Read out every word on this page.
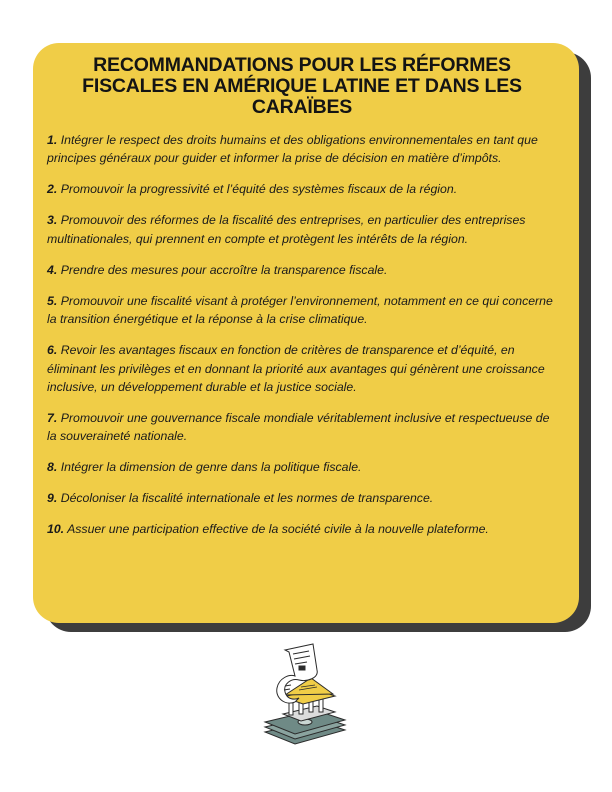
RECOMMANDATIONS POUR LES RÉFORMES FISCALES EN AMÉRIQUE LATINE ET DANS LES CARAÏBES
1. Intégrer le respect des droits humains et des obligations environnementales en tant que principes généraux pour guider et informer la prise de décision en matière d’impôts.
2. Promouvoir la progressivité et l’équité des systèmes fiscaux de la région.
3. Promouvoir des réformes de la fiscalité des entreprises, en particulier des entreprises multinationales, qui prennent en compte et protègent les intérêts de la région.
4. Prendre des mesures pour accroître la transparence fiscale.
5. Promouvoir une fiscalité visant à protéger l’environnement, notamment en ce qui concerne la transition énergétique et la réponse à la crise climatique.
6. Revoir les avantages fiscaux en fonction de critères de transparence et d’équité, en éliminant les privilèges et en donnant la priorité aux avantages qui génèrent une croissance inclusive, un développement durable et la justice sociale.
7. Promouvoir une gouvernance fiscale mondiale véritablement inclusive et respectueuse de la souveraineté nationale.
8. Intégrer la dimension de genre dans la politique fiscale.
9. Décoloniser la fiscalité internationale et les normes de transparence.
10. Assuer une participation effective de la société civile à la nouvelle plateforme.
